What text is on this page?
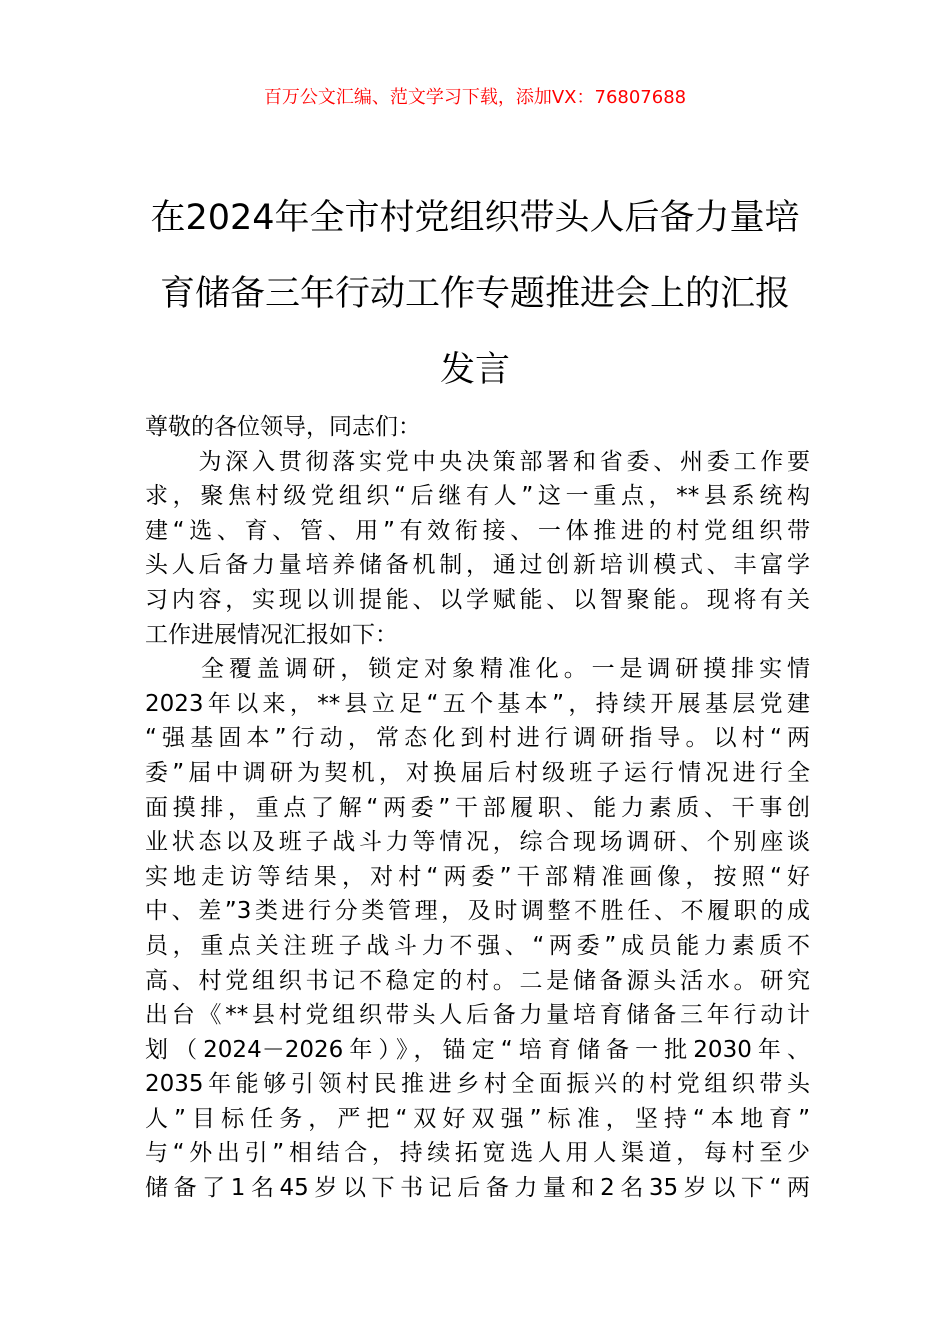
百万公文汇编、范文学习下载，添加VX：76807688
在2024年全市村党组织带头人后备力量培
育储备三年行动工作专题推进会上的汇报
发言
尊敬的各位领导，同志们：
　　为深入贯彻落实党中央决策部署和省委、州委工作要
求，聚焦村级党组织“后继有人”这一重点，**县系统构
建“选、育、管、用”有效衔接、一体推进的村党组织带
头人后备力量培养储备机制，通过创新培训模式、丰富学
习内容，实现以训提能、以学赋能、以智聚能。现将有关
工作进展情况汇报如下：
　　全覆盖调研，锁定对象精准化。一是调研摸排实情
2023年以来，**县立足“五个基本”，持续开展基层党建
“强基固本”行动，常态化到村进行调研指导。以村“两
委”届中调研为契机，对换届后村级班子运行情况进行全
面摸排，重点了解“两委”干部履职、能力素质、干事创
业状态以及班子战斗力等情况，综合现场调研、个别座谈
实地走访等结果，对村“两委”干部精准画像，按照“好
中、差”3类进行分类管理，及时调整不胜任、不履职的成
员，重点关注班子战斗力不强、“两委”成员能力素质不
高、村党组织书记不稳定的村。二是储备源头活水。研究
出台《**县村党组织带头人后备力量培育储备三年行动计
划（2024－2026年）》，锚定“培育储备一批2030年、
2035年能够引领村民推进乡村全面振兴的村党组织带头
人”目标任务，严把“双好双强”标准，坚持“本地育”
与“外出引”相结合，持续拓宽选人用人渠道，每村至少
储备了1名45岁以下书记后备力量和2名35岁以下“两
